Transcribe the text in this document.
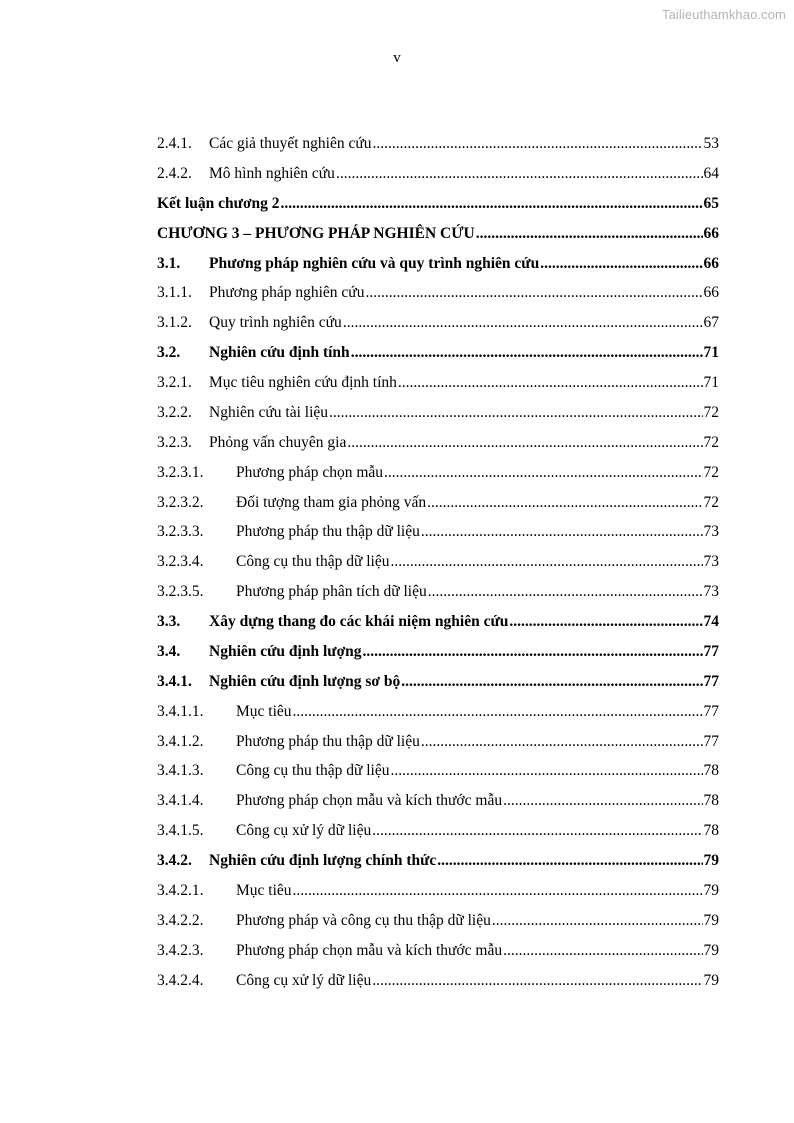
Tailieuthamkhao.com
v
2.4.1.	Các giả thuyết nghiên cứu .....	53
2.4.2.	Mô hình nghiên cứu .....	64
Kết luận chương 2 .....	65
CHƯƠNG 3 – PHƯƠNG PHÁP NGHIÊN CỨU .....	66
3.1.	Phương pháp nghiên cứu và quy trình nghiên cứu .....	66
3.1.1.	Phương pháp nghiên cứu .....	66
3.1.2.	Quy trình nghiên cứu .....	67
3.2.	Nghiên cứu định tính .....	71
3.2.1.	Mục tiêu nghiên cứu định tính .....	71
3.2.2.	Nghiên cứu tài liệu .....	72
3.2.3.	Phỏng vấn chuyên gia .....	72
3.2.3.1.	Phương pháp chọn mẫu .....	72
3.2.3.2.	Đối tượng tham gia phỏng vấn .....	72
3.2.3.3.	Phương pháp thu thập dữ liệu .....	73
3.2.3.4.	Công cụ thu thập dữ liệu .....	73
3.2.3.5.	Phương pháp phân tích dữ liệu .....	73
3.3.	Xây dựng thang đo các khái niệm nghiên cứu .....	74
3.4.	Nghiên cứu định lượng .....	77
3.4.1.	Nghiên cứu định lượng sơ bộ .....	77
3.4.1.1.	Mục tiêu .....	77
3.4.1.2.	Phương pháp thu thập dữ liệu .....	77
3.4.1.3.	Công cụ thu thập dữ liệu .....	78
3.4.1.4.	Phương pháp chọn mẫu và kích thước mẫu .....	78
3.4.1.5.	Công cụ xử lý dữ liệu .....	78
3.4.2.	Nghiên cứu định lượng chính thức .....	79
3.4.2.1.	Mục tiêu .....	79
3.4.2.2.	Phương pháp và công cụ thu thập dữ liệu .....	79
3.4.2.3.	Phương pháp chọn mẫu và kích thước mẫu .....	79
3.4.2.4.	Công cụ xử lý dữ liệu .....	79
